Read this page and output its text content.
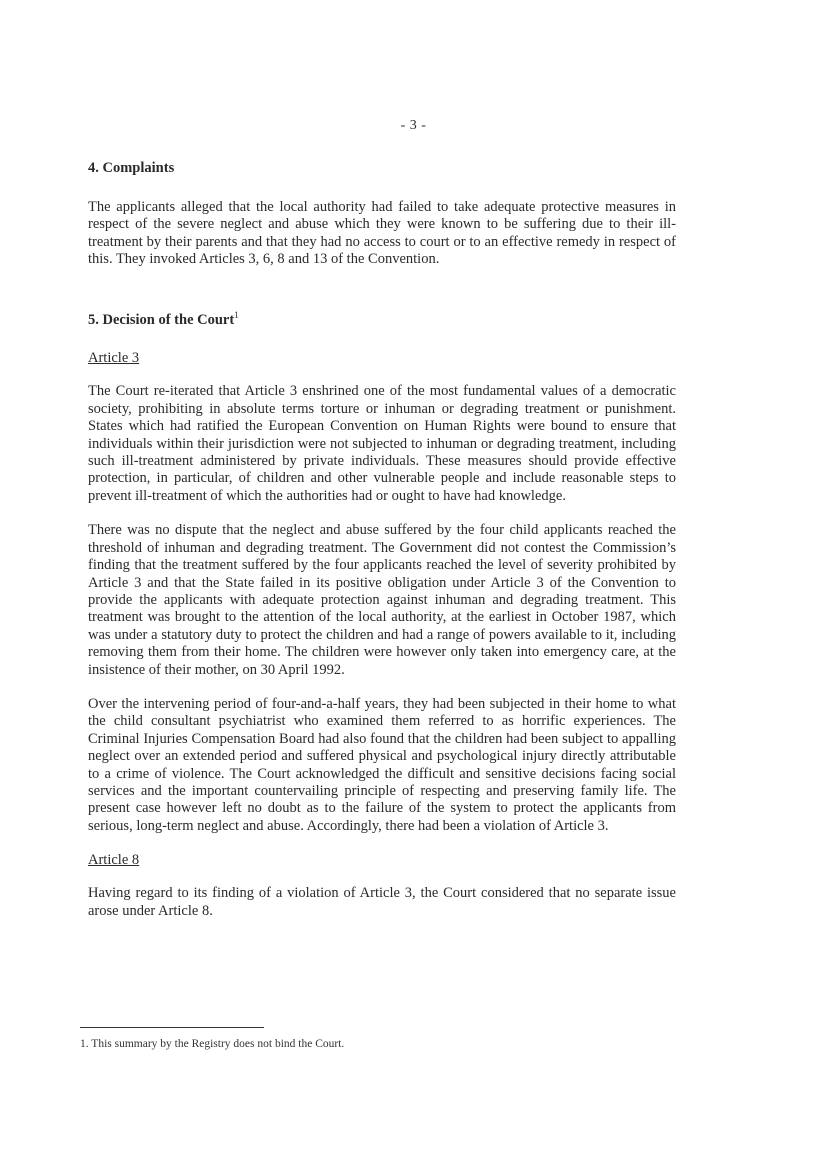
- 3 -
4. Complaints

The applicants alleged that the local authority had failed to take adequate protective measures in respect of the severe neglect and abuse which they were known to be suffering due to their ill-treatment by their parents and that they had no access to court or to an effective remedy in respect of this. They invoked Articles 3, 6, 8 and 13 of the Convention.

5. Decision of the Court$^1$
Article 3

The Court re-iterated that Article 3 enshrined one of the most fundamental values of a democratic society, prohibiting in absolute terms torture or inhuman or degrading treatment or punishment. States which had ratified the European Convention on Human Rights were bound to ensure that individuals within their jurisdiction were not subjected to inhuman or degrading treatment, including such ill-treatment administered by private individuals. These measures should provide effective protection, in particular, of children and other vulnerable people and include reasonable steps to prevent ill-treatment of which the authorities had or ought to have had knowledge.

There was no dispute that the neglect and abuse suffered by the four child applicants reached the threshold of inhuman and degrading treatment. The Government did not contest the Commission’s finding that the treatment suffered by the four applicants reached the level of severity prohibited by Article 3 and that the State failed in its positive obligation under Article 3 of the Convention to provide the applicants with adequate protection against inhuman and degrading treatment. This treatment was brought to the attention of the local authority, at the earliest in October 1987, which was under a statutory duty to protect the children and had a range of powers available to it, including removing them from their home. The children were however only taken into emergency care, at the insistence of their mother, on 30 April 1992.

Over the intervening period of four-and-a-half years, they had been subjected in their home to what the child consultant psychiatrist who examined them referred to as horrific experiences. The Criminal Injuries Compensation Board had also found that the children had been subject to appalling neglect over an extended period and suffered physical and psychological injury directly attributable to a crime of violence. The Court acknowledged the difficult and sensitive decisions facing social services and the important countervailing principle of respecting and preserving family life. The present case however left no doubt as to the failure of the system to protect the applicants from serious, long-term neglect and abuse. Accordingly, there had been a violation of Article 3.

Article 8

Having regard to its finding of a violation of Article 3, the Court considered that no separate issue arose under Article 8.

1. This summary by the Registry does not bind the Court.
